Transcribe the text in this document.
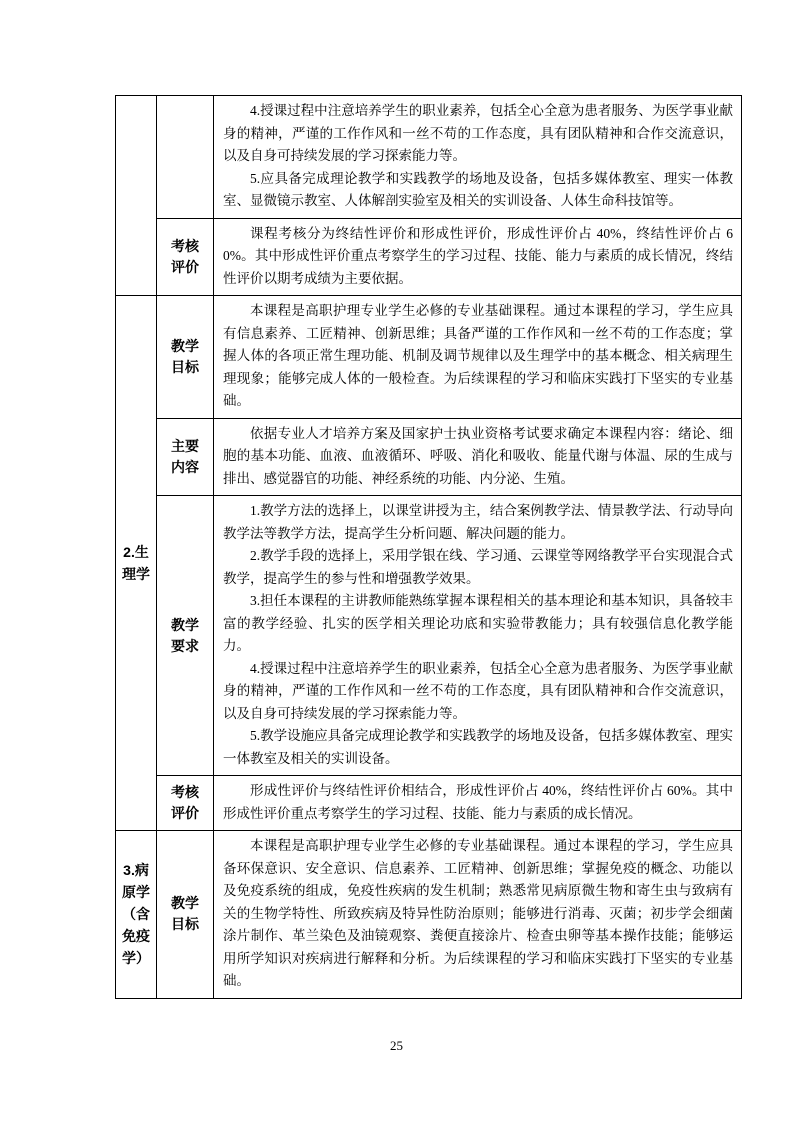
		4.授课过程中注意培养学生的职业素养，包括全心全意为患者服务、为医学事业献身的精神，严谨的工作作风和一丝不苟的工作态度，具有团队精神和合作交流意识，以及自身可持续发展的学习探索能力等。

5.应具备完成理论教学和实践教学的场地及设备，包括多媒体教室、理实一体教室、显微镜示教室、人体解剖实验室及相关的实训设备、人体生命科技馆等。

	考核评价	课程考核分为终结性评价和形成性评价，形成性评价占 40%，终结性评价占 60%。其中形成性评价重点考察学生的学习过程、技能、能力与素质的成长情况，终结性评价以期考成绩为主要依据。

2.生理学	教学目标	本课程是高职护理专业学生必修的专业基础课程。通过本课程的学习，学生应具有信息素养、工匠精神、创新思维；具备严谨的工作作风和一丝不苟的工作态度；掌握人体的各项正常生理功能、机制及调节规律以及生理学中的基本概念、相关病理生理现象；能够完成人体的一般检查。为后续课程的学习和临床实践打下坚实的专业基础。

	主要内容	依据专业人才培养方案及国家护士执业资格考试要求确定本课程内容：绪论、细胞的基本功能、血液、血液循环、呼吸、消化和吸收、能量代谢与体温、尿的生成与排出、感觉器官的功能、神经系统的功能、内分泌、生殖。

	教学要求	1.教学方法的选择上，以课堂讲授为主，结合案例教学法、情景教学法、行动导向教学法等教学方法，提高学生分析问题、解决问题的能力。

2.教学手段的选择上，采用学银在线、学习通、云课堂等网络教学平台实现混合式教学，提高学生的参与性和增强教学效果。

3.担任本课程的主讲教师能熟练掌握本课程相关的基本理论和基本知识，具备较丰富的教学经验、扎实的医学相关理论功底和实验带教能力；具有较强信息化教学能力。

4.授课过程中注意培养学生的职业素养，包括全心全意为患者服务、为医学事业献身的精神，严谨的工作作风和一丝不苟的工作态度，具有团队精神和合作交流意识，以及自身可持续发展的学习探索能力等。

5.教学设施应具备完成理论教学和实践教学的场地及设备，包括多媒体教室、理实一体教室及相关的实训设备。

	考核评价	形成性评价与终结性评价相结合，形成性评价占 40%，终结性评价占 60%。其中形成性评价重点考察学生的学习过程、技能、能力与素质的成长情况。

3.病原学（含免疫学）	教学目标	本课程是高职护理专业学生必修的专业基础课程。通过本课程的学习，学生应具备环保意识、安全意识、信息素养、工匠精神、创新思维；掌握免疫的概念、功能以及免疫系统的组成，免疫性疾病的发生机制；熟悉常见病原微生物和寄生虫与致病有关的生物学特性、所致疾病及特异性防治原则；能够进行消毒、灭菌；初步学会细菌涂片制作、革兰染色及油镜观察、粪便直接涂片、检查虫卵等基本操作技能；能够运用所学知识对疾病进行解释和分析。为后续课程的学习和临床实践打下坚实的专业基础。

25
